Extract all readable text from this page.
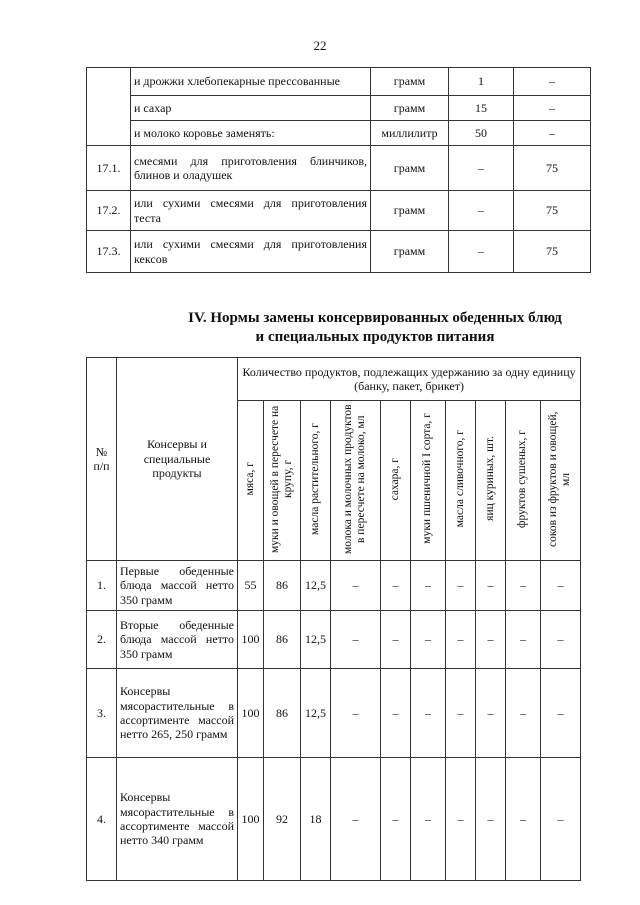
22
	и дрожжи хлебопекарные прессованные	грамм	1	–
	и сахар	грамм	15	–
	и молоко коровье заменять:	миллилитр	50	–
17.1.	смесями для приготовления блинчиков, блинов и оладушек	грамм	–	75
17.2.	или сухими смесями для приготовления теста	грамм	–	75
17.3.	или сухими смесями для приготовления кексов	грамм	–	75
IV. Нормы замены консервированных обеденных блюд
и специальных продуктов питания
№ п/п	Консервы и специальные продукты	Количество продуктов, подлежащих удержанию за одну единицу (банку, пакет, брикет)									
		мяса, г	муки и овощей в пересчете на крупу, г	масла растительного, г	молока и молочных продуктов в пересчете на молоко, мл	сахара, г	муки пшеничной I сорта, г	масла сливочного, г	яиц куриных, шт.	фруктов сушеных, г	соков из фруктов и овощей, мл
1.	Первые обеденные блюда массой нетто 350 грамм	55	86	12,5	–	–	–	–	–	–	–
2.	Вторые обеденные блюда массой нетто 350 грамм	100	86	12,5	–	–	–	–	–	–	–
3.	Консервы мясорастительные в ассортименте массой нетто 265, 250 грамм	100	86	12,5	–	–	–	–	–	–	–
4.	Консервы мясорастительные в ассортименте массой нетто 340 грамм	100	92	18	–	–	–	–	–	–	–
